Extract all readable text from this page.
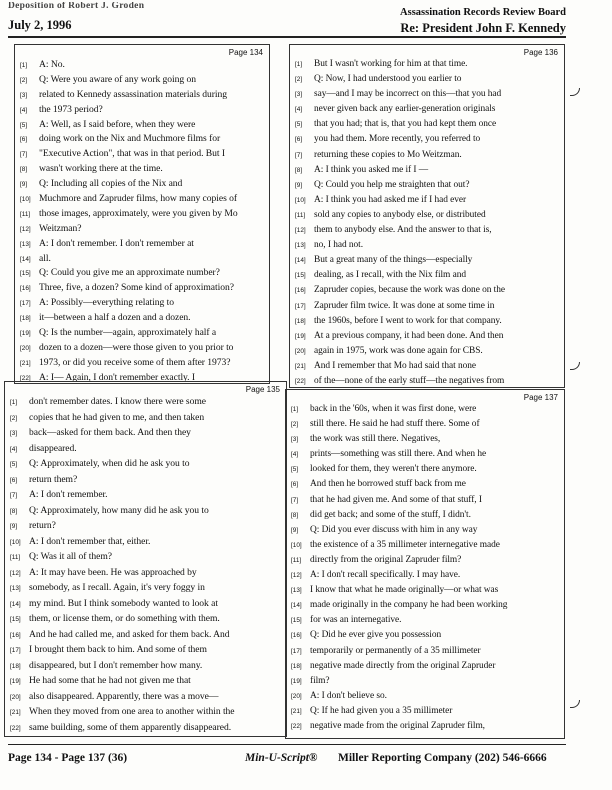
Deposition of Robert J. Groden
July 2, 1996
Assassination Records Review Board
Re: President John F. Kennedy
Page 134
[1]	A: No.
[2]	Q: Were you aware of any work going on
[3]	related to Kennedy assassination materials during
[4]	the 1973 period?
[5]	A: Well, as I said before, when they were
[6]	doing work on the Nix and Muchmore films for
[7]	"Executive Action", that was in that period. But I
[8]	wasn't working there at the time.
[9]	Q: Including all copies of the Nix and
[10] Muchmore and Zapruder films, how many copies of
[11] those images, approximately, were you given by Mo
[12] Weitzman?
[13] A: I don't remember. I don't remember at
[14] all.
[15] Q: Could you give me an approximate number?
[16] Three, five, a dozen? Some kind of approximation?
[17] A: Possibly—everything relating to
[18] it—between a half a dozen and a dozen.
[19] Q: Is the number—again, approximately half a
[20] dozen to a dozen—were those given to you prior to
[21] 1973, or did you receive some of them after 1973?
[22] A: I— Again, I don't remember exactly. I
Page 136
[1]	But I wasn't working for him at that time.
[2]	Q: Now, I had understood you earlier to
[3]	say—and I may be incorrect on this—that you had
[4]	never given back any earlier-generation originals
[5]	that you had; that is, that you had kept them once
[6]	you had them. More recently, you referred to
[7]	returning these copies to Mo Weitzman.
[8]	A: I think you asked me if I —
[9]	Q: Could you help me straighten that out?
[10] A: I think you had asked me if I had ever
[11] sold any copies to anybody else, or distributed
[12] them to anybody else. And the answer to that is,
[13] no, I had not.
[14] But a great many of the things—especially
[15] dealing, as I recall, with the Nix film and
[16] Zapruder copies, because the work was done on the
[17] Zapruder film twice. It was done at some time in
[18] the 1960s, before I went to work for that company.
[19] At a previous company, it had been done. And then
[20] again in 1975, work was done again for CBS.
[21] And I remember that Mo had said that none
[22] of the—none of the early stuff—the negatives from
Page 135
[1]	don't remember dates. I know there were some
[2]	copies that he had given to me, and then taken
[3]	back—asked for them back. And then they
[4]	disappeared.
[5]	Q: Approximately, when did he ask you to
[6]	return them?
[7]	A: I don't remember.
[8]	Q: Approximately, how many did he ask you to
[9]	return?
[10] A: I don't remember that, either.
[11] Q: Was it all of them?
[12] A: It may have been. He was approached by
[13] somebody, as I recall. Again, it's very foggy in
[14] my mind. But I think somebody wanted to look at
[15] them, or license them, or do something with them.
[16] And he had called me, and asked for them back. And
[17] I brought them back to him. And some of them
[18] disappeared, but I don't remember how many.
[19] He had some that he had not given me that
[20] also disappeared. Apparently, there was a move—
[21] When they moved from one area to another within the
[22] same building, some of them apparently disappeared.
Page 137
[1]	back in the '60s, when it was first done, were
[2]	still there. He said he had stuff there. Some of
[3]	the work was still there. Negatives,
[4]	prints—something was still there. And when he
[5]	looked for them, they weren't there anymore.
[6]	And then he borrowed stuff back from me
[7]	that he had given me. And some of that stuff, I
[8]	did get back; and some of the stuff, I didn't.
[9]	Q: Did you ever discuss with him in any way
[10] the existence of a 35 millimeter internegative made
[11] directly from the original Zapruder film?
[12] A: I don't recall specifically. I may have.
[13] I know that what he made originally—or what was
[14] made originally in the company he had been working
[15] for was an internegative.
[16] Q: Did he ever give you possession
[17] temporarily or permanently of a 35 millimeter
[18] negative made directly from the original Zapruder
[19] film?
[20] A: I don't believe so.
[21] Q: If he had given you a 35 millimeter
[22] negative made from the original Zapruder film,
Page 134 - Page 137 (36)	Min-U-Script® Miller Reporting Company (202) 546-6666
